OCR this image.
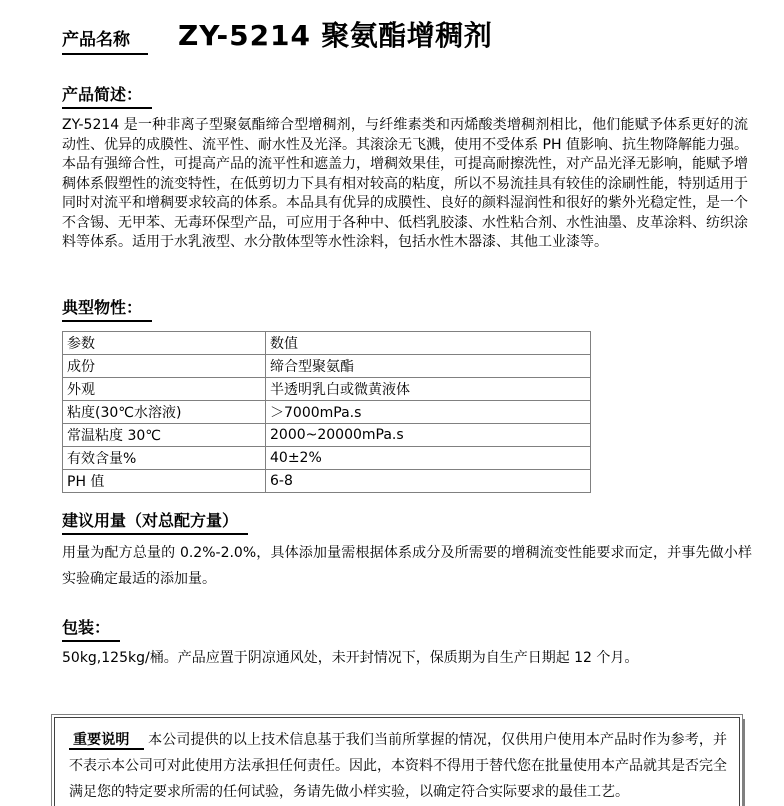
产品名称	ZY-5214 聚氨酯增稠剂
产品简述：

ZY-5214 是一种非离子型聚氨酯缔合型增稠剂，与纤维素类和丙烯酸类增稠剂相比，他们能赋予体系更好的流动性、优异的成膜性、流平性、耐水性及光泽。其滚涂无飞溅，使用不受体系 PH 值影响、抗生物降解能力强。本品有强缔合性，可提高产品的流平性和遮盖力，增稠效果佳，可提高耐擦洗性，对产品光泽无影响，能赋予增稠体系假塑性的流变特性，在低剪切力下具有相对较高的粘度，所以不易流挂具有较佳的涂刷性能，特别适用于同时对流平和增稠要求较高的体系。本品具有优异的成膜性、良好的颜料湿润性和很好的紫外光稳定性，是一个不含锡、无甲苯、无毒环保型产品，可应用于各种中、低档乳胶漆、水性粘合剂、水性油墨、皮革涂料、纺织涂料等体系。适用于水乳液型、水分散体型等水性涂料，包括水性木器漆、其他工业漆等。

典型物性：
参数	数值
成份	缔合型聚氨酯
外观	半透明乳白或微黄液体
粘度(30℃水溶液)	＞7000mPa.s
常温粘度 30℃	2000~20000mPa.s
有效含量%	40±2%
PH 值	6-8
建议用量（对总配方量）

用量为配方总量的 0.2%-2.0%，具体添加量需根据体系成分及所需要的增稠流变性能要求而定，并事先做小样实验确定最适的添加量。

包装：

50kg,125kg/桶。产品应置于阴凉通风处，未开封情况下，保质期为自生产日期起 12 个月。

重要说明 本公司提供的以上技术信息基于我们当前所掌握的情况，仅供用户使用本产品时作为参考，并不表示本公司可对此使用方法承担任何责任。因此，本资料不得用于替代您在批量使用本产品就其是否完全满足您的特定要求所需的任何试验，务请先做小样实验，以确定符合实际要求的最佳工艺。
